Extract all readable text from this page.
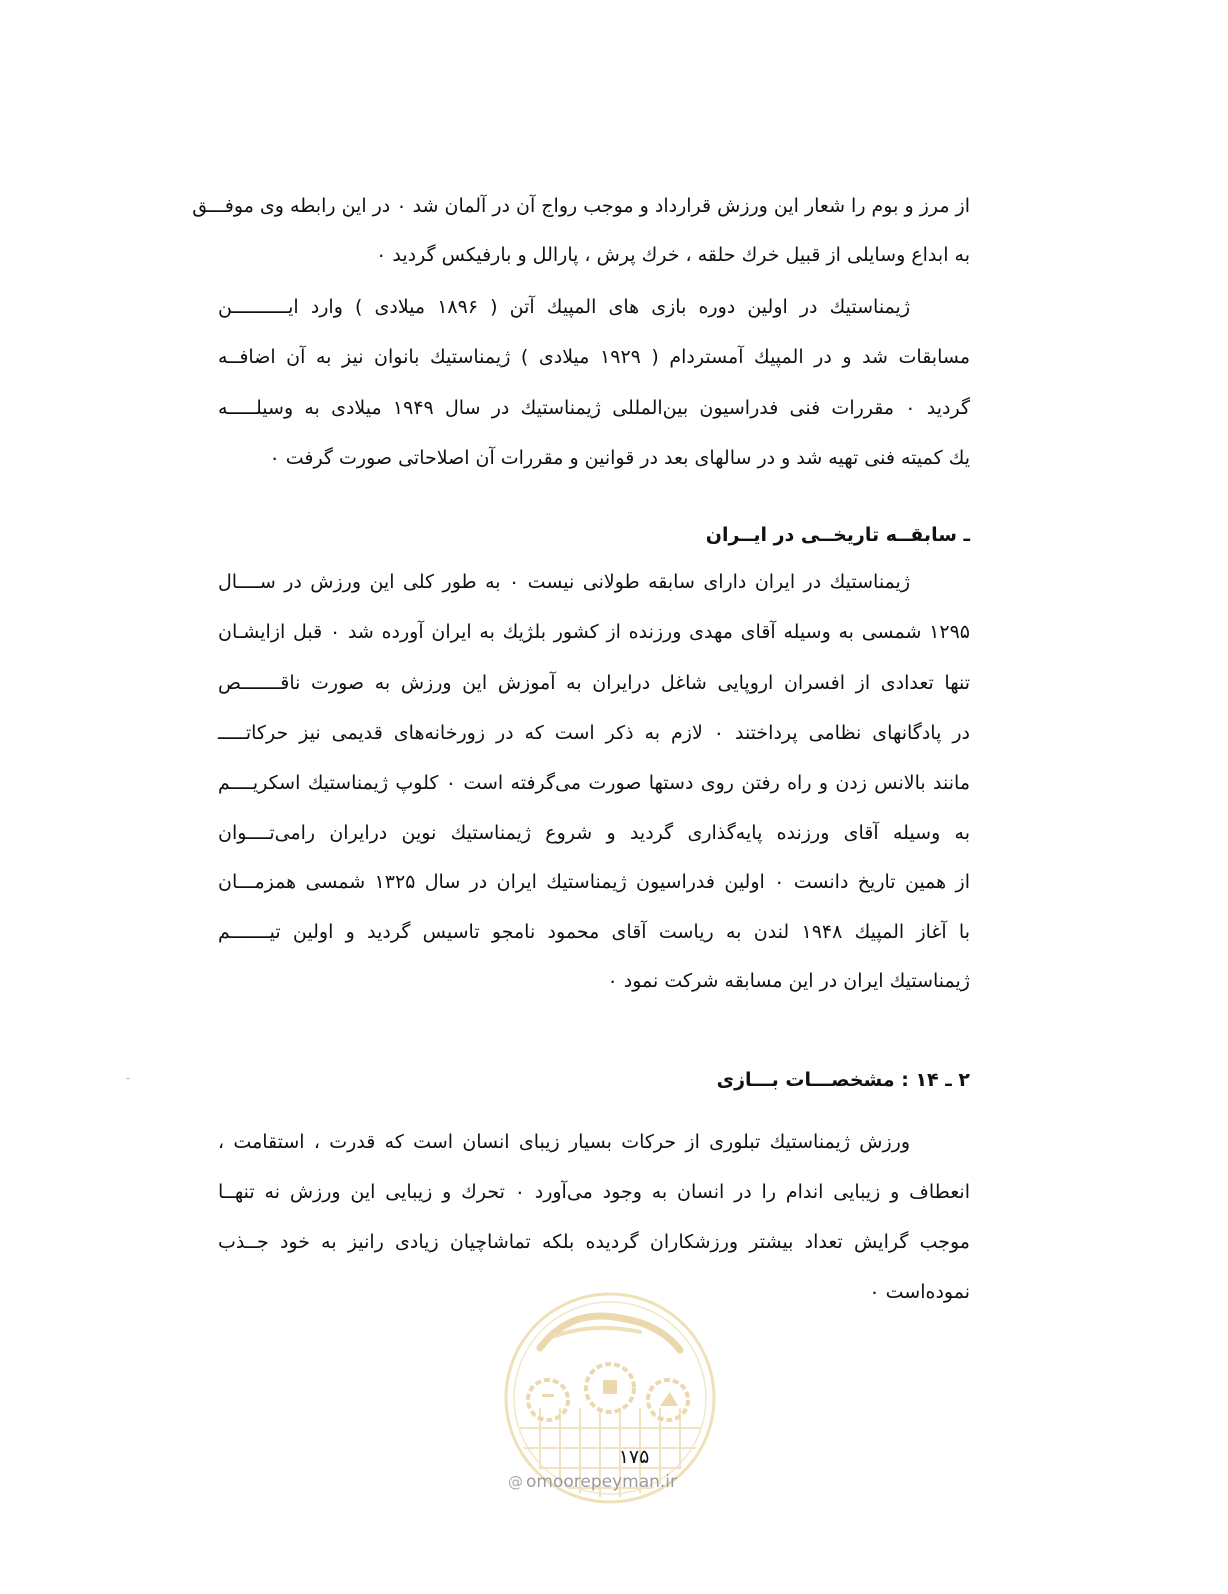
از مرز و بوم را شعار این ورزش قرارداد و موجب رواج آن در آلمان شد ۰ در این رابطه وی موفـــق
به ابداع وسایلی از قبیل خرك حلقه ، خرك پرش ، پارالل و بارفیکس گردید ۰
ژیمناستیك در اولین دوره بازی های المپیك آتن ( ۱۸۹۶ میلادی ) وارد ایــــــــــن
مسابقات شد و در المپیك آمستردام ( ۱۹۲۹ میلادی ) ژیمناستیك بانوان نیز به آن اضافــه
گردید ۰ مقررات فنی فدراسیون بین‌المللی ژیمناستیك در سال ۱۹۴۹ میلادی به وسیلـــــه
یك کمیته فنی تهیه شد و در سالهای بعد در قوانین و مقررات آن اصلاحاتی صورت گرفت ۰
ـ سابقــه تاریخــی در ایــران
ژیمناستیك در ایران دارای سابقه طولانی نیست ۰ به طور کلی این ورزش در ســــال
۱۲۹۵ شمسی به وسیله آقای مهدی ورزنده از کشور بلژیك به ایران آورده شد ۰ قبل ازایشـان
تنها تعدادی از افسران اروپایی شاغل درایران به آموزش این ورزش به صورت ناقـــــــص
در پادگانهای نظامی پرداختند ۰ لازم به ذکر است که در زورخانه‌های قدیمی نیز حرکاتـــــ
مانند بالانس زدن و راه رفتن روی دستها صورت می‌گرفته است ۰ کلوپ ژیمناستیك اسکریــــم
به وسیله آقای ورزنده پایه‌گذاری گردید و شروع ژیمناستیك نوین درایران رامی‌تــــوان
از همین تاریخ دانست ۰ اولین فدراسیون ژیمناستیك ایران در سال ۱۳۲۵ شمسی همزمـــان
با آغاز المپیك ۱۹۴۸ لندن به ریاست آقای محمود نامجو تاسیس گردید و اولین تیـــــــم
ژیمناستیك ایران در این مسابقه شرکت نمود ۰
۲ ـ ۱۴ : مشخصـــات بـــازی
ورزش ژیمناستیك تبلوری از حرکات بسیار زیبای انسان است که قدرت ، استقامت ،
انعطاف و زیبایی اندام را در انسان به وجود می‌آورد ۰ تحرك و زیبایی این ورزش نه تنهــا
موجب گرایش تعداد بیشتر ورزشکاران گردیده بلکه تماشاچیان زیادی رانیز به خود جــذب
نموده‌است ۰
۱۷۵
@ omoorepeyman.ir
